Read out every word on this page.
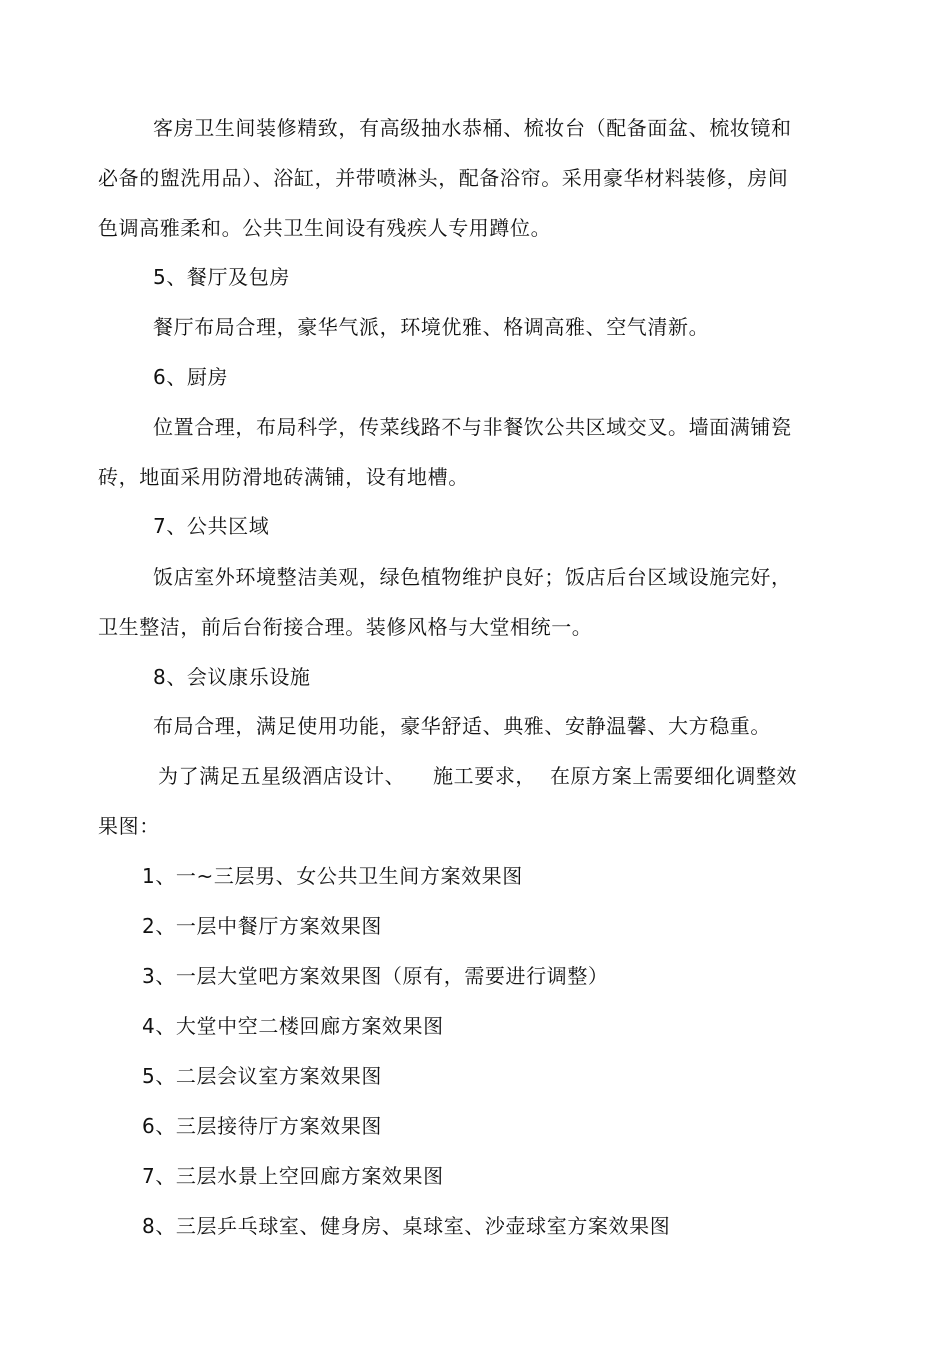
客房卫生间装修精致，有高级抽水恭桶、梳妆台（配备面盆、梳妆镜和
必备的盥洗用品）、浴缸，并带喷淋头，配备浴帘。采用豪华材料装修，房间
色调高雅柔和。公共卫生间设有残疾人专用蹲位。
5、餐厅及包房
餐厅布局合理，豪华气派，环境优雅、格调高雅、空气清新。
6、厨房
位置合理，布局科学，传菜线路不与非餐饮公共区域交叉。墙面满铺瓷
砖，地面采用防滑地砖满铺，设有地槽。
7、公共区域
饭店室外环境整洁美观，绿色植物维护良好；饭店后台区域设施完好，
卫生整洁，前后台衔接合理。装修风格与大堂相统一。
8、会议康乐设施
布局合理，满足使用功能，豪华舒适、典雅、安静温馨、大方稳重。
为了满足五星级酒店设计、    施工要求，  在原方案上需要细化调整效
果图：
1、一~三层男、女公共卫生间方案效果图
2、一层中餐厅方案效果图
3、一层大堂吧方案效果图（原有，需要进行调整）
4、大堂中空二楼回廊方案效果图
5、二层会议室方案效果图
6、三层接待厅方案效果图
7、三层水景上空回廊方案效果图
8、三层乒乓球室、健身房、桌球室、沙壶球室方案效果图
